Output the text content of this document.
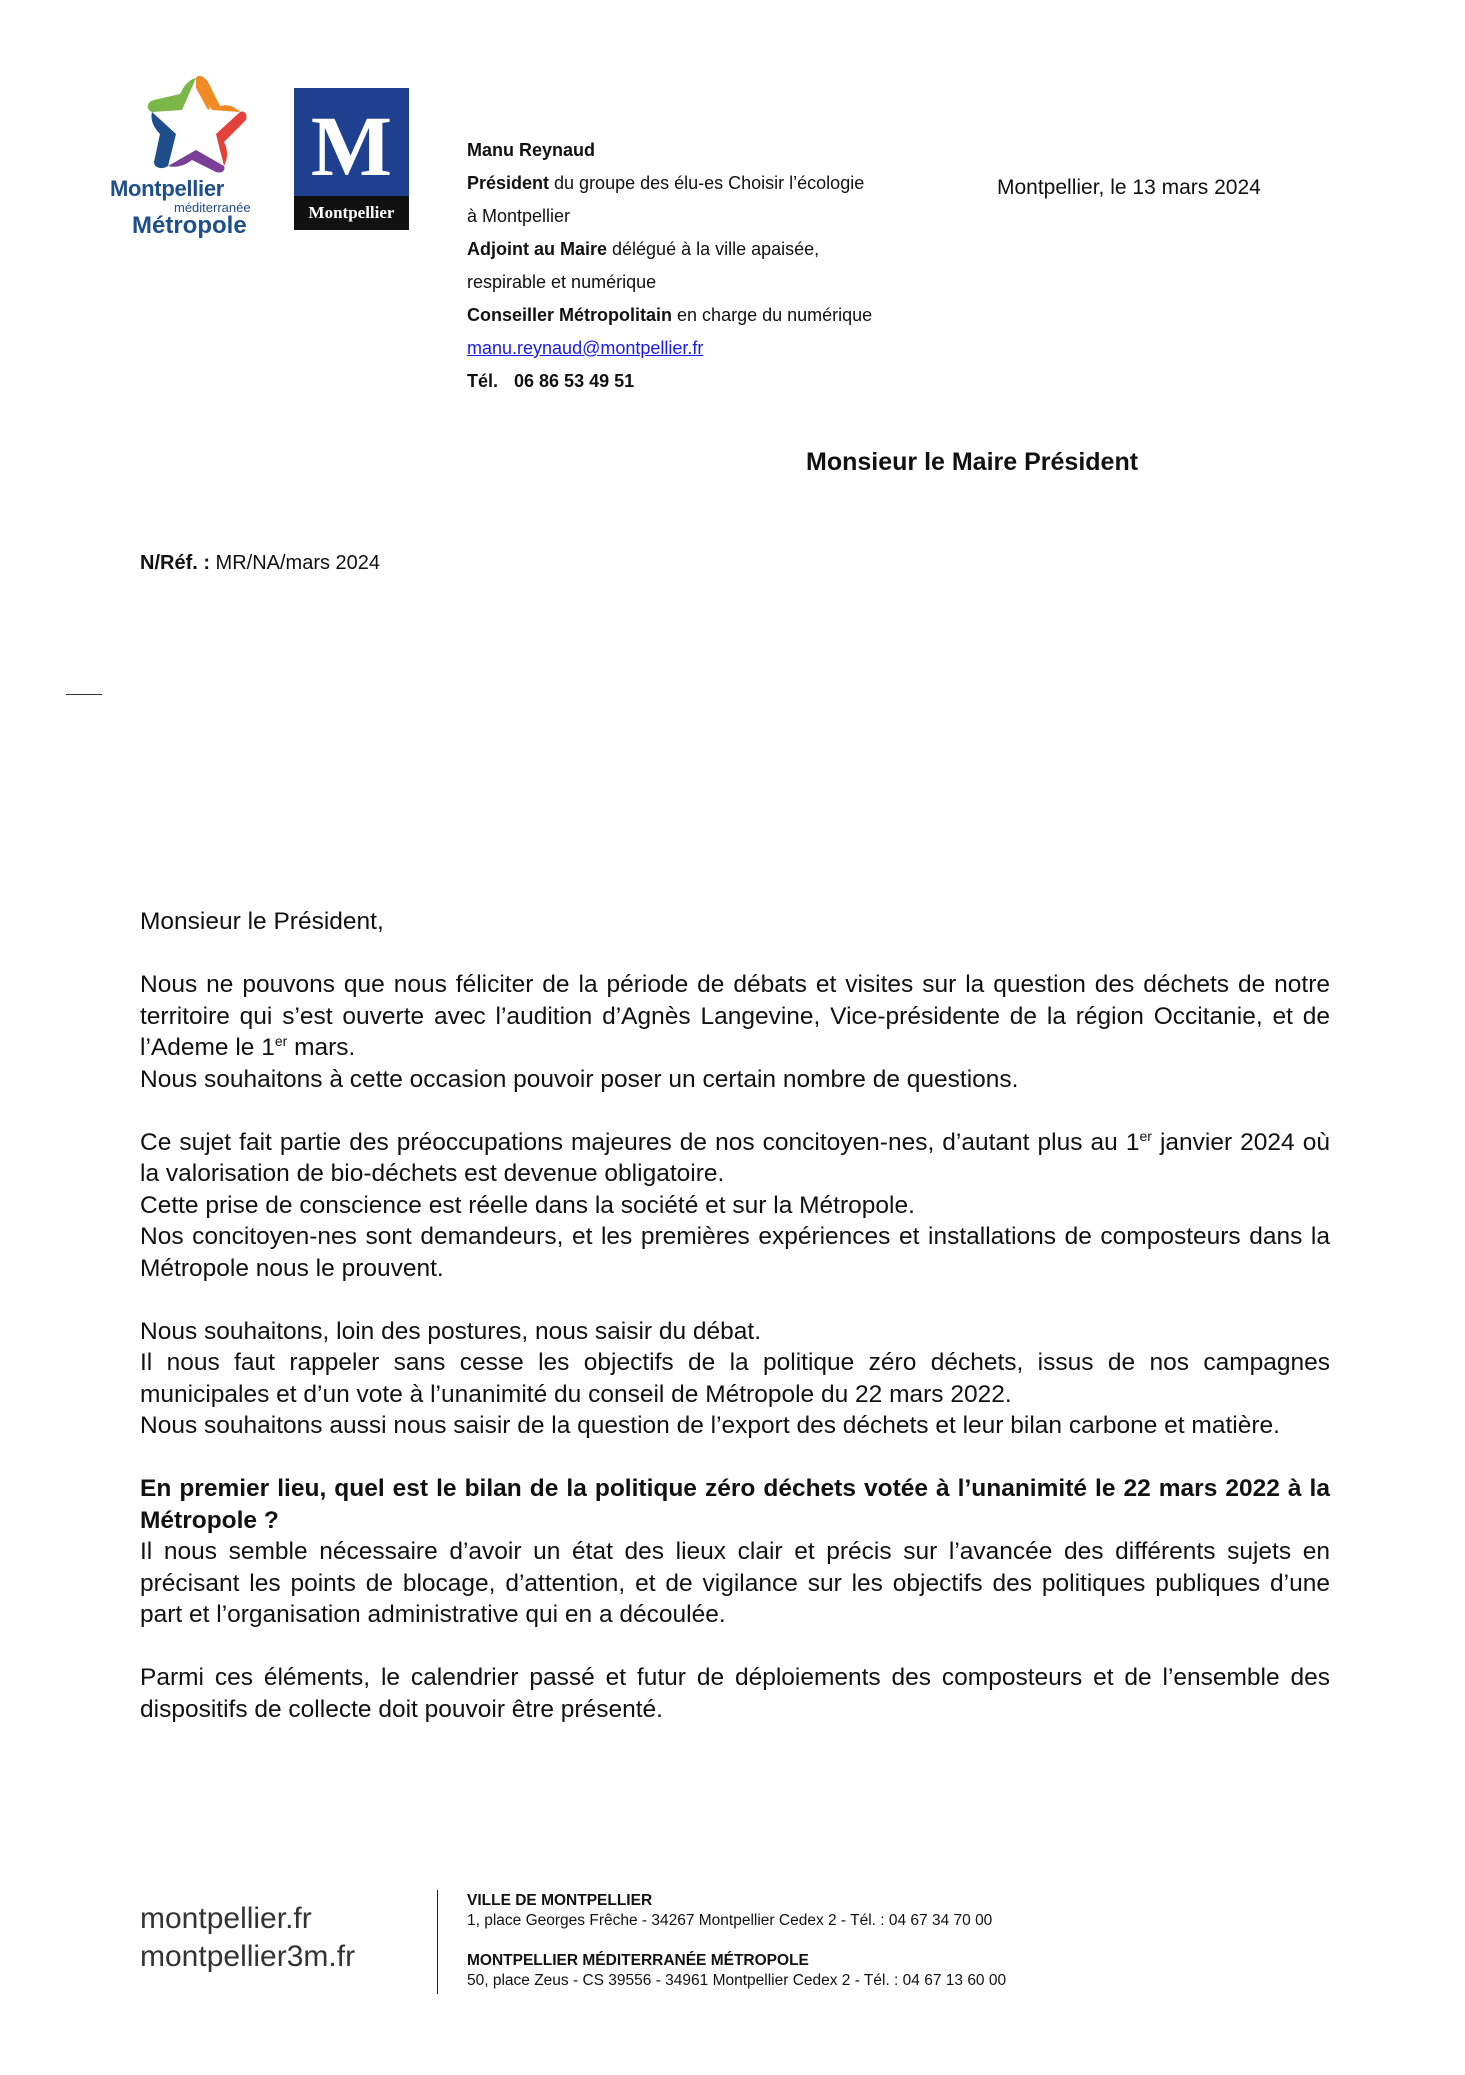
Montpellier
méditerranée
Métropole
M
Montpellier
Manu Reynaud
Président du groupe des élu-es Choisir l’écologie
à Montpellier
Adjoint au Maire délégué à la ville apaisée,
respirable et numérique
Conseiller Métropolitain en charge du numérique
manu.reynaud@montpellier.fr
Tél. 06 86 53 49 51
Montpellier, le 13 mars 2024
Monsieur le Maire Président
N/Réf. : MR/NA/mars 2024

Monsieur le Président,

Nous ne pouvons que nous féliciter de la période de débats et visites sur la question des déchets de notre territoire qui s’est ouverte avec l’audition d’Agnès Langevine, Vice-présidente de la région Occitanie, et de l’Ademe le 1er mars.

Nous souhaitons à cette occasion pouvoir poser un certain nombre de questions.

Ce sujet fait partie des préoccupations majeures de nos concitoyen-nes, d’autant plus au 1er janvier 2024 où la valorisation de bio-déchets est devenue obligatoire.

Cette prise de conscience est réelle dans la société et sur la Métropole.

Nos concitoyen-nes sont demandeurs, et les premières expériences et installations de composteurs dans la Métropole nous le prouvent.

Nous souhaitons, loin des postures, nous saisir du débat.

Il nous faut rappeler sans cesse les objectifs de la politique zéro déchets, issus de nos campagnes municipales et d’un vote à l’unanimité du conseil de Métropole du 22 mars 2022.

Nous souhaitons aussi nous saisir de la question de l’export des déchets et leur bilan carbone et matière.

En premier lieu, quel est le bilan de la politique zéro déchets votée à l’unanimité le 22 mars 2022 à la Métropole ?

Il nous semble nécessaire d’avoir un état des lieux clair et précis sur l’avancée des différents sujets en précisant les points de blocage, d’attention, et de vigilance sur les objectifs des politiques publiques d’une part et l’organisation administrative qui en a découlée.

Parmi ces éléments, le calendrier passé et futur de déploiements des composteurs et de l’ensemble des dispositifs de collecte doit pouvoir être présenté.

montpellier.fr
montpellier3m.fr
VILLE DE MONTPELLIER
1, place Georges Frêche - 34267 Montpellier Cedex 2 - Tél. : 04 67 34 70 00
MONTPELLIER MÉDITERRANÉE MÉTROPOLE
50, place Zeus - CS 39556 - 34961 Montpellier Cedex 2 - Tél. : 04 67 13 60 00
